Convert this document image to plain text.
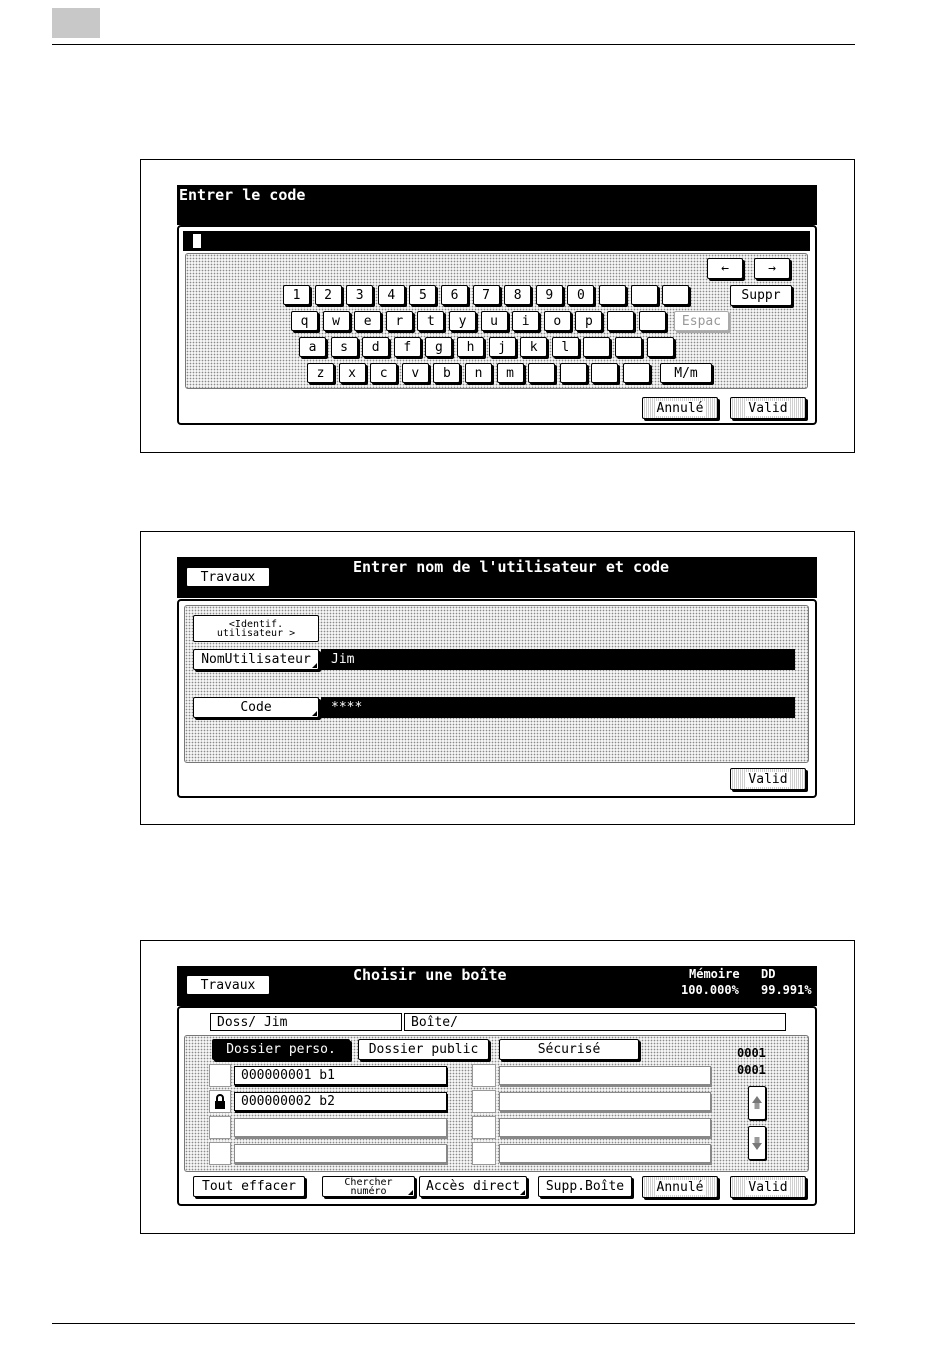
Entrer le code
←	→
Suppr
Espac
M/m
Annulé	Valid
1	2	3	4	5	6	7	8	9	0
q	w	e	r	t	y	u	i	o	p
a	s	d	f	g	h	j	k	l
z	x	c	v	b	n	m
Travaux
Entrer nom de l'utilisateur et code
<Identif.
utilisateur >
NomUtilisateur Jim
Code	****
Valid
Travaux
Choisir une boîte	Mémoire DD
100.000% 99.991%
Doss/ Jim	Boîte/
Dossier perso.	Dossier public	Sécurisé	0001
0001
000000001 b1
000000002 b2
Tout effacer	Chercher
numéro	Accès direct Supp.Boîte Annulé	Valid
